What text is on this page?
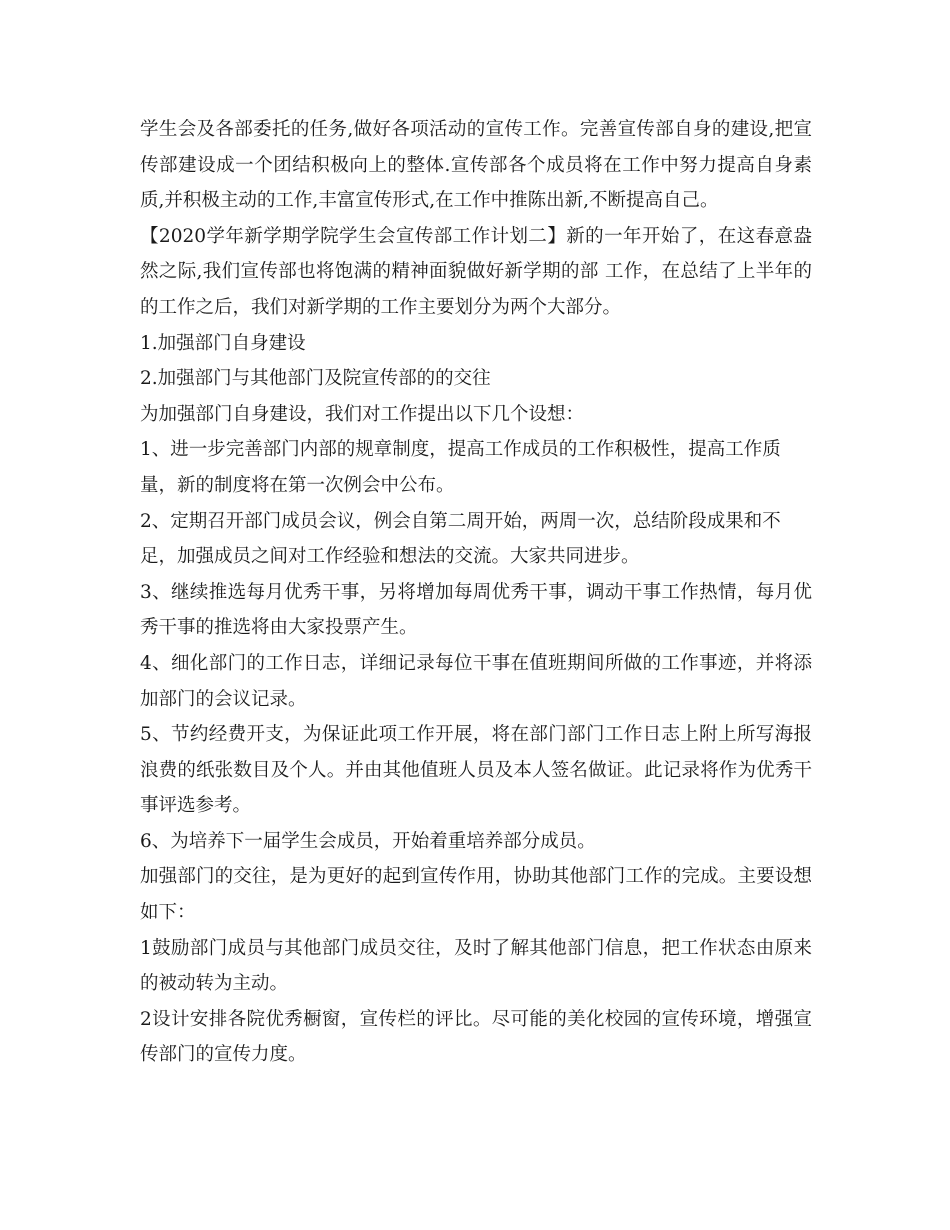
学生会及各部委托的任务,做好各项活动的宣传工作。完善宣传部自身的建设,把宣
传部建设成一个团结积极向上的整体.宣传部各个成员将在工作中努力提高自身素
质,并积极主动的工作,丰富宣传形式,在工作中推陈出新,不断提高自己。
【2020学年新学期学院学生会宣传部工作计划二】新的一年开始了，在这春意盎
然之际,我们宣传部也将饱满的精神面貌做好新学期的部 工作，在总结了上半年的
的工作之后，我们对新学期的工作主要划分为两个大部分。
1.加强部门自身建设
2.加强部门与其他部门及院宣传部的的交往
为加强部门自身建设，我们对工作提出以下几个设想：
1、进一步完善部门内部的规章制度，提高工作成员的工作积极性，提高工作质
量，新的制度将在第一次例会中公布。
2、定期召开部门成员会议，例会自第二周开始，两周一次，总结阶段成果和不
足，加强成员之间对工作经验和想法的交流。大家共同进步。
3、继续推选每月优秀干事，另将增加每周优秀干事，调动干事工作热情，每月优
秀干事的推选将由大家投票产生。
4、细化部门的工作日志，详细记录每位干事在值班期间所做的工作事迹，并将添
加部门的会议记录。
5、节约经费开支，为保证此项工作开展，将在部门部门工作日志上附上所写海报
浪费的纸张数目及个人。并由其他值班人员及本人签名做证。此记录将作为优秀干
事评选参考。
6、为培养下一届学生会成员，开始着重培养部分成员。
加强部门的交往，是为更好的起到宣传作用，协助其他部门工作的完成。主要设想
如下：
1鼓励部门成员与其他部门成员交往，及时了解其他部门信息，把工作状态由原来
的被动转为主动。
2设计安排各院优秀橱窗，宣传栏的评比。尽可能的美化校园的宣传环境，增强宣
传部门的宣传力度。
